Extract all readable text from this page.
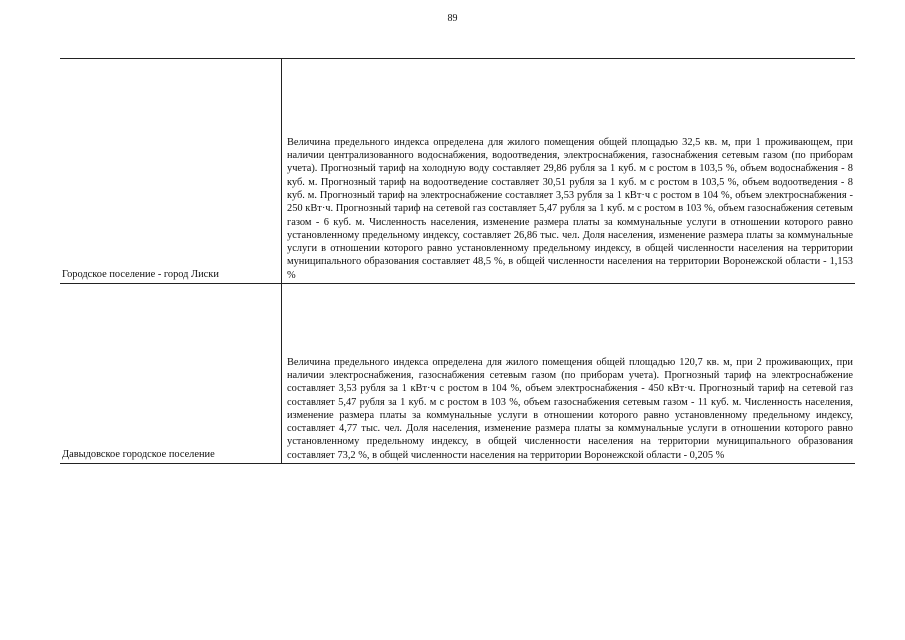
89
Городское поселение - город Лиски	Величина предельного индекса определена для жилого помещения общей площадью 32,5 кв. м, при 1 проживающем, при наличии централизованного водоснабжения, водоотведения, электроснабжения, газоснабжения сетевым газом (по приборам учета). Прогнозный тариф на холодную воду составляет 29,86 рубля за 1 куб. м с ростом в 103,5 %, объем водоснабжения - 8 куб. м. Прогнозный тариф на водоотведение составляет 30,51 рубля за 1 куб. м с ростом в 103,5 %, объем водоотведения - 8 куб. м. Прогнозный тариф на электроснабжение составляет 3,53 рубля за 1 кВт·ч с ростом в 104 %, объем электроснабжения - 250 кВт·ч. Прогнозный тариф на сетевой газ составляет 5,47 рубля за 1 куб. м с ростом в 103 %, объем газоснабжения сетевым газом - 6 куб. м. Численность населения, изменение размера платы за коммунальные услуги в отношении которого равно установленному предельному индексу, составляет 26,86 тыс. чел. Доля населения, изменение размера платы за коммунальные услуги в отношении которого равно установленному предельному индексу, в общей численности населения на территории муниципального образования составляет 48,5 %, в общей численности населения на территории Воронежской области - 1,153 %
Давыдовское городское поселение	Величина предельного индекса определена для жилого помещения общей площадью 120,7 кв. м, при 2 проживающих, при наличии электроснабжения, газоснабжения сетевым газом (по приборам учета). Прогнозный тариф на электроснабжение составляет 3,53 рубля за 1 кВт·ч с ростом в 104 %, объем электроснабжения - 450 кВт·ч. Прогнозный тариф на сетевой газ составляет 5,47 рубля за 1 куб. м с ростом в 103 %, объем газоснабжения сетевым газом - 11 куб. м. Численность населения, изменение размера платы за коммунальные услуги в отношении которого равно установленному предельному индексу, составляет 4,77 тыс. чел. Доля населения, изменение размера платы за коммунальные услуги в отношении которого равно установленному предельному индексу, в общей численности населения на территории муниципального образования составляет 73,2 %, в общей численности населения на территории Воронежской области - 0,205 %
